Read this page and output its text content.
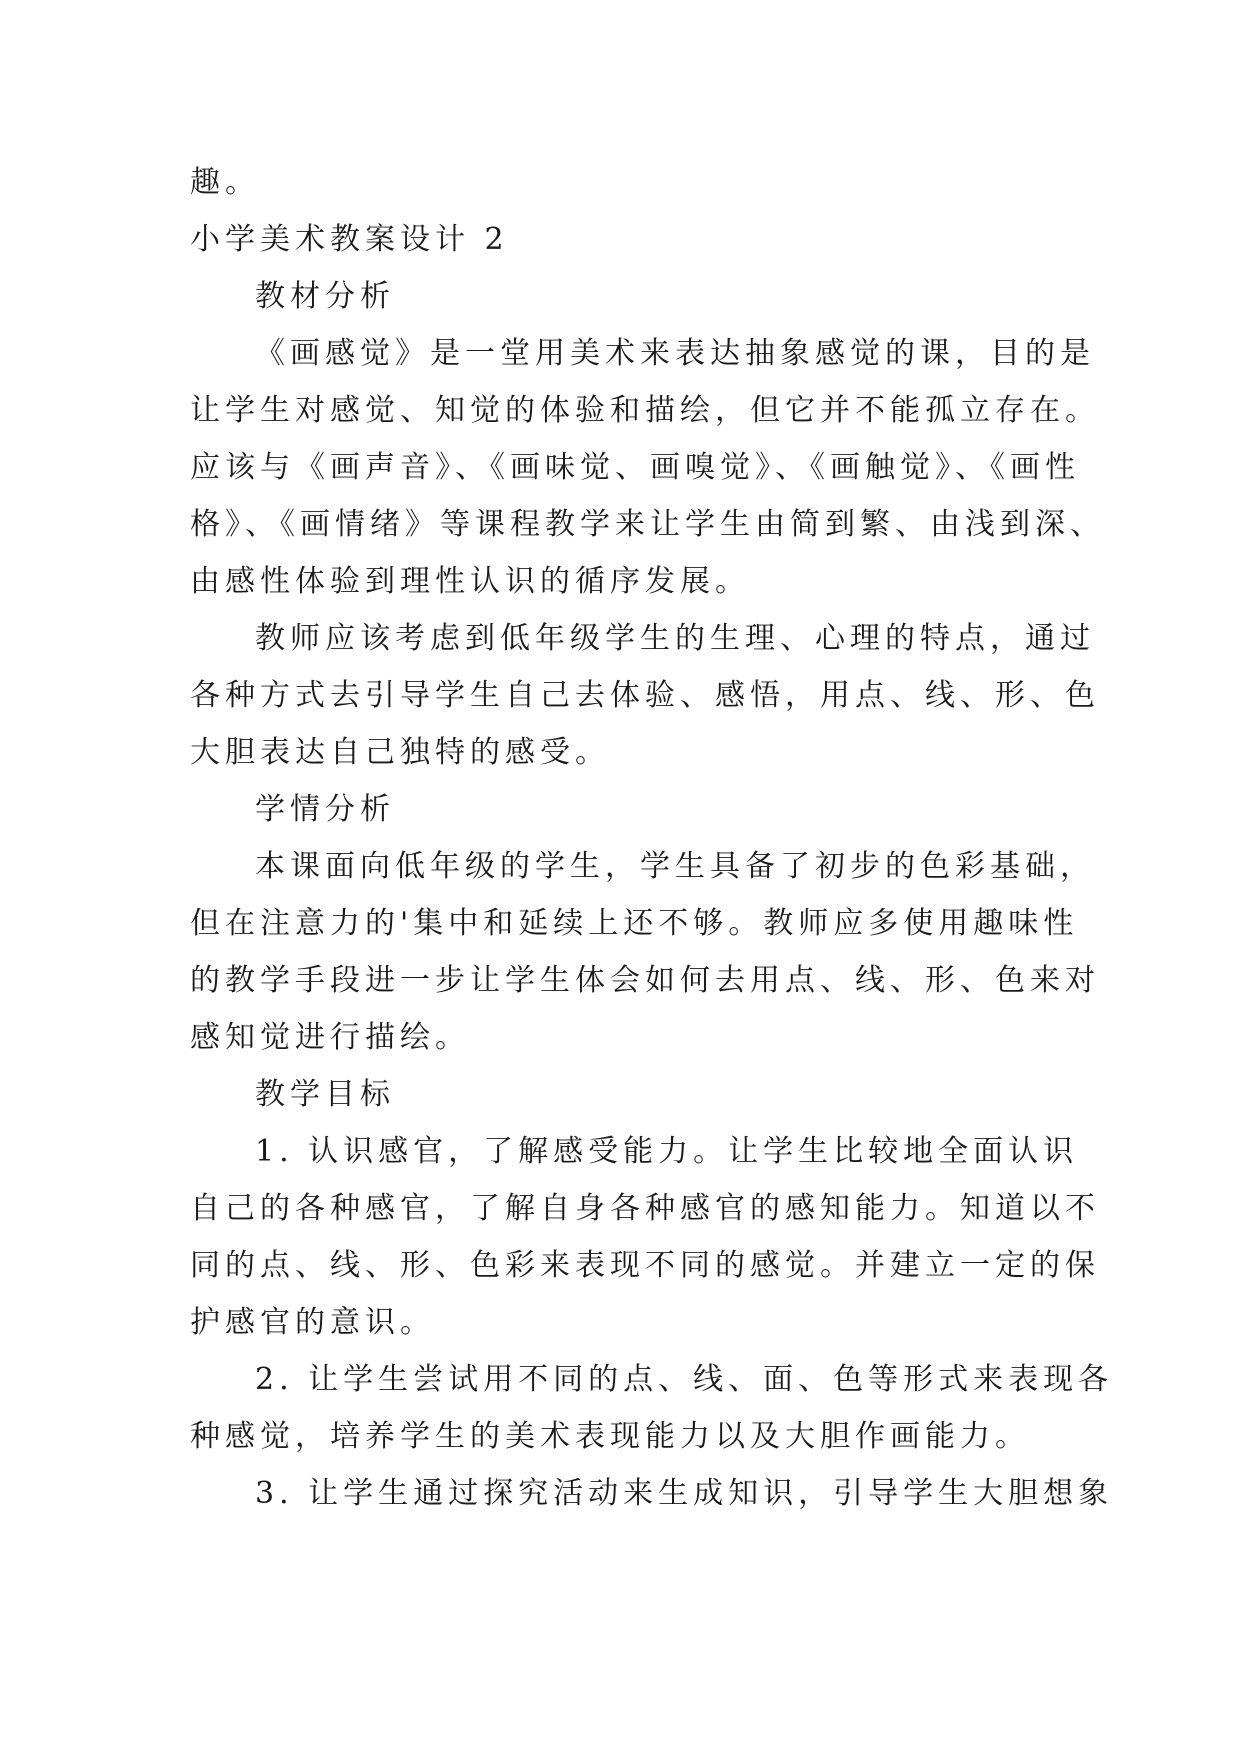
趣。
小学美术教案设计 2
教材分析
《画感觉》是一堂用美术来表达抽象感觉的课，目的是
让学生对感觉、知觉的体验和描绘，但它并不能孤立存在。
应该与《画声音》、《画味觉、画嗅觉》、《画触觉》、《画性
格》、《画情绪》等课程教学来让学生由简到繁、由浅到深、
由感性体验到理性认识的循序发展。
教师应该考虑到低年级学生的生理、心理的特点，通过
各种方式去引导学生自己去体验、感悟，用点、线、形、色
大胆表达自己独特的感受。
学情分析
本课面向低年级的学生，学生具备了初步的色彩基础，
但在注意力的'集中和延续上还不够。教师应多使用趣味性
的教学手段进一步让学生体会如何去用点、线、形、色来对
感知觉进行描绘。
教学目标
1. 认识感官，了解感受能力。让学生比较地全面认识
自己的各种感官，了解自身各种感官的感知能力。知道以不
同的点、线、形、色彩来表现不同的感觉。并建立一定的保
护感官的意识。
2. 让学生尝试用不同的点、线、面、色等形式来表现各
种感觉，培养学生的美术表现能力以及大胆作画能力。
3. 让学生通过探究活动来生成知识，引导学生大胆想象
